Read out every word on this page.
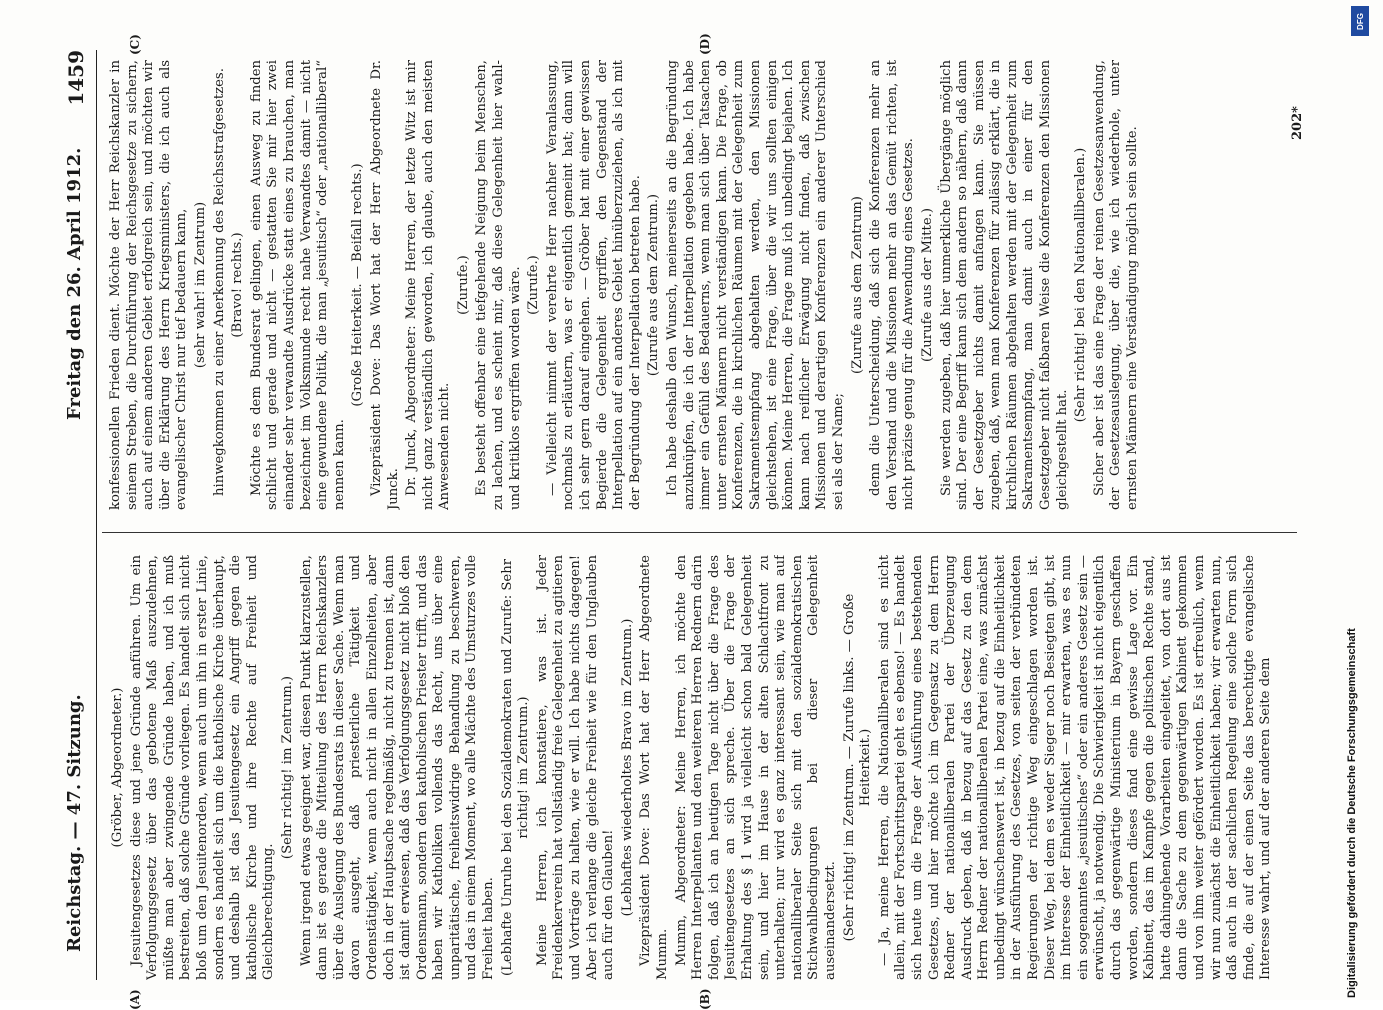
Reichstag. — 47. Sitzung.
Freitag den 26. April 1912.
1459
(A)	(B)
(C)	(D)

(Gröber, Abgeordneter.) Jesuitengesetzes diese und jene Gründe anführen. Um ein Verfolgungsgesetz über das gebotene Maß auszudehnen, müßte man aber zwingende Gründe haben, und ich muß bestreiten, daß solche Gründe vorliegen. Es handelt sich nicht bloß um den Jesuitenorden, wenn auch um ihn in erster Linie, sondern es handelt sich um die katholische Kirche überhaupt, und deshalb ist das Jesuitengesetz ein Angriff gegen die katholische Kirche und ihre Rechte auf Freiheit und Gleichberechtigung.

(Sehr richtig! im Zentrum.) Wenn irgend etwas geeignet war, diesen Punkt klarzustellen, dann ist es gerade die Mitteilung des Herrn Reichskanzlers über die Auslegung des Bundesrats in dieser Sache. Wenn man davon ausgeht, daß priesterliche Tätigkeit und Ordenstätigkeit, wenn auch nicht in allen Einzelheiten, aber doch in der Hauptsache regelmäßig, nicht zu trennen ist, dann ist damit erwiesen, daß das Verfolgungsgesetz nicht bloß den Ordensmann, sondern den katholischen Priester trifft, und das haben wir Katholiken vollends das Recht, uns über eine unparitätische, freiheitswidrige Behandlung zu beschweren, und das in einem Moment, wo alle Mächte des Umsturzes volle Freiheit haben. (Lebhafte Unruhe bei den Sozialdemokraten und Zurufe: Sehr richtig! im Zentrum.) Meine Herren, ich konstatiere, was ist. Jeder Freidenkerverein hat vollständig freie Gelegenheit zu agitieren und Vorträge zu halten, wie er will. Ich habe nichts dagegen! Aber ich verlange die gleiche Freiheit wie für den Unglauben auch für den Glauben! (Lebhaftes wiederholtes Bravo im Zentrum.) Vizepräsident Dove: Das Wort hat der Herr Abgeordnete Mumm. Mumm, Abgeordneter: Meine Herren, ich möchte den Herren Interpellanten und den weiteren Herren Rednern darin folgen, daß ich an heutigen Tage nicht über die Frage des Jesuitengesetzes an sich spreche. Über die Frage der Erhaltung des § 1 wird ja vielleicht schon bald Gelegenheit sein, und hier im Hause in der alten Schlachtfront zu unterhalten; nur wird es ganz interessant sein, wie man auf nationalliberaler Seite sich mit den sozialdemokratischen Stichwahlbedingungen bei dieser Gelegenheit auseinandersetzt. (Sehr richtig! im Zentrum. — Zurufe links. — Große Heiterkeit.) — Ja, meine Herren, die Nationalliberalen sind es nicht allein, mit der Fortschrittspartei geht es ebenso! — Es handelt sich heute um die Frage der Ausführung eines bestehenden Gesetzes, und hier möchte ich im Gegensatz zu dem Herrn Redner der nationalliberalen Partei der Überzeugung Ausdruck geben, daß in bezug auf das Gesetz zu den dem Herrn Redner der nationalliberalen Partei eine, was zunächst unbedingt wünschenswert ist, in bezug auf die Einheitlichkeit in der Ausführung des Gesetzes, von seiten der verbündeten Regierungen der richtige Weg eingeschlagen worden ist. Dieser Weg, bei dem es weder Sieger noch Besiegten gibt, ist im Interesse der Einheitlichkeit — mir erwarten, was es nun ein sogenanntes „jesuitisches“ oder ein anderes Gesetz sein — erwünscht, ja notwendig. Die Schwierigkeit ist nicht eigentlich durch das gegenwärtige Ministerium in Bayern geschaffen worden, sondern dieses fand eine gewisse Lage vor. Ein Kabinett, das im Kampfe gegen die politischen Rechte stand, hatte dahingehende Vorarbeiten eingeleitet, von dort aus ist dann die Sache zu dem gegenwärtigen Kabinett gekommen und von ihm weiter gefördert worden. Es ist erfreulich, wenn wir nun zunächst die Einheitlichkeit haben; wir erwarten nun, daß auch in der sachlichen Regelung eine solche Form sich finde, die auf der einen Seite das berechtigte evangelische Interesse wahrt, und auf der anderen Seite dem

konfessionellen Frieden dient. Möchte der Herr Reichskanzler in seinem Streben, die Durchführung der Reichsgesetze zu sichern, auch auf einem anderen Gebiet erfolgreich sein, und möchten wir über die Erklärung des Herrn Kriegsministers, die ich auch als evangelischer Christ nur tief bedauern kann, (sehr wahr! im Zentrum) hinwegkommen zu einer Anerkennung des Reichsstrafgesetzes. (Bravo! rechts.) Möchte es dem Bundesrat gelingen, einen Ausweg zu finden schlicht und gerade und nicht — gestatten Sie mir hier zwei einander sehr verwandte Ausdrücke statt eines zu brauchen, man bezeichnet im Volksmunde recht nahe Verwandtes damit — nicht eine gewundene Politik, die man „jesuitisch“ oder „nationalliberal“ nennen kann.

(Große Heiterkeit. — Beifall rechts.) Vizepräsident Dove: Das Wort hat der Herr Abgeordnete Dr. Junck. Dr. Junck, Abgeordneter: Meine Herren, der letzte Witz ist mir nicht ganz verständlich geworden, ich glaube, auch den meisten Anwesenden nicht.

(Zurufe.) Es besteht offenbar eine tiefgehende Neigung beim Menschen, zu lachen, und es scheint mir, daß diese Gelegenheit hier wahl- und kritiklos ergriffen worden wäre. (Zurufe.) — Vielleicht nimmt der verehrte Herr nachher Veranlassung, nochmals zu erläutern, was er eigentlich gemeint hat; dann will ich sehr gern darauf eingehen. — Gröber hat mit einer gewissen Begierde die Gelegenheit ergriffen, den Gegenstand der Interpellation auf ein anderes Gebiet hinüberzuziehen, als ich mit der Begründung der Interpellation betreten habe. (Zurufe aus dem Zentrum.) Ich habe deshalb den Wunsch, meinerseits an die Begründung anzuknüpfen, die ich der Interpellation gegeben habe. Ich habe immer ein Gefühl des Bedauerns, wenn man sich über Tatsachen unter ernsten Männern nicht verständigen kann. Die Frage, ob Konferenzen, die in kirchlichen Räumen mit der Gelegenheit zum Sakramentsempfang abgehalten werden, den Missionen gleichstehen, ist eine Frage, über die wir uns sollten einigen können. Meine Herren, die Frage muß ich unbedingt bejahen. Ich kann nach reiflicher Erwägung nicht finden, daß zwischen Missionen und derartigen Konferenzen ein anderer Unterschied sei als der Name;

(Zurufe aus dem Zentrum) denn die Unterscheidung, daß sich die Konferenzen mehr an den Verstand und die Missionen mehr an das Gemüt richten, ist nicht präzise genug für die Anwendung eines Gesetzes. (Zurufe aus der Mitte.) Sie werden zugeben, daß hier unmerkliche Übergänge möglich sind. Der eine Begriff kann sich dem andern so nähern, daß dann der Gesetzgeber nichts damit anfangen kann. Sie müssen zugeben, daß, wenn man Konferenzen für zulässig erklärt, die in kirchlichen Räumen abgehalten werden mit der Gelegenheit zum Sakramentsempfang, man damit auch in einer für den Gesetzgeber nicht faßbaren Weise die Konferenzen den Missionen gleichgestellt hat.

(Sehr richtig! bei den Nationalliberalen.) Sicher aber ist das eine Frage der reinen Gesetzesanwendung, der Gesetzesauslegung, über die, wie ich wiederhole, unter ernsten Männern eine Verständigung möglich sein sollte.

202*
Digitalisierung gefördert durch die Deutsche Forschungsgemeinschaft
DFG
